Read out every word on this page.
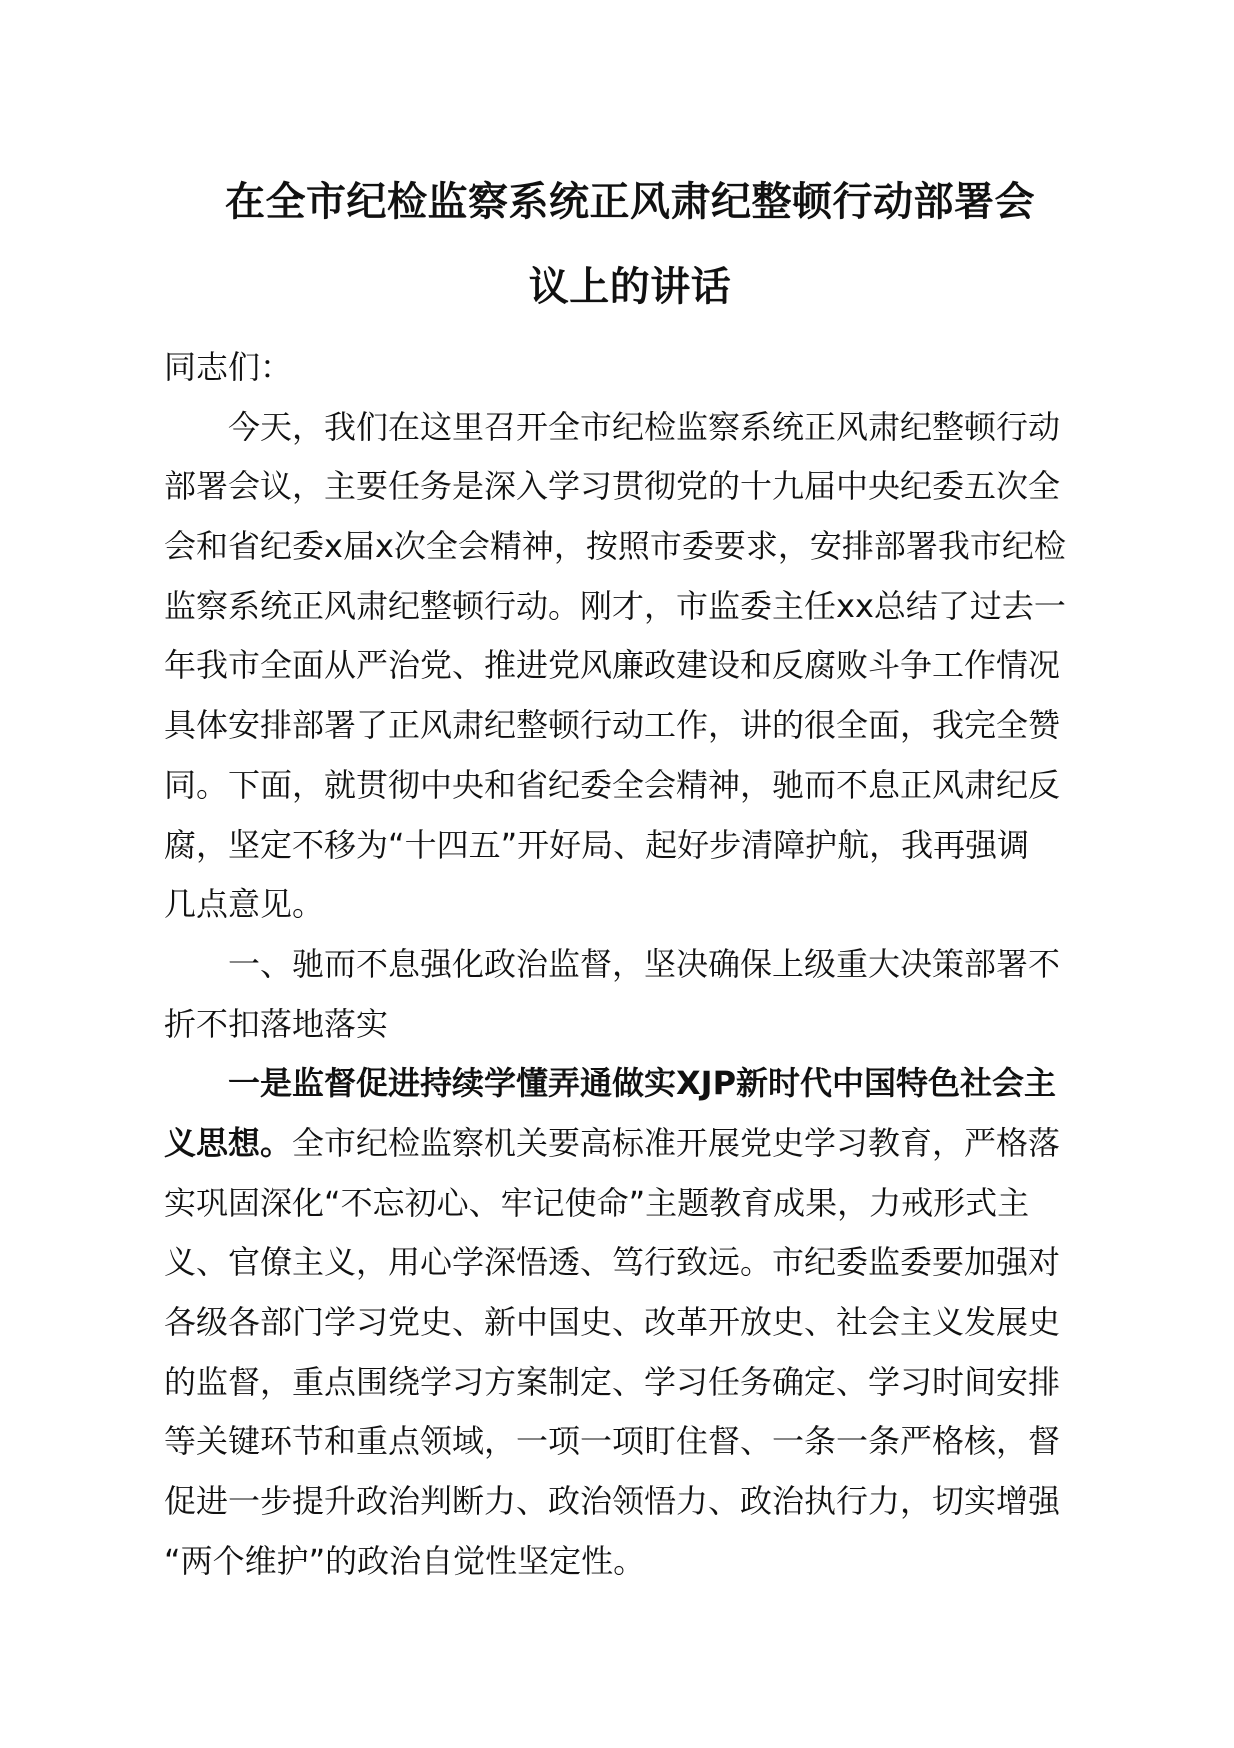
在全市纪检监察系统正风肃纪整顿行动部署会
议上的讲话
同志们：
今天，我们在这里召开全市纪检监察系统正风肃纪整顿行动
部署会议，主要任务是深入学习贯彻党的十九届中央纪委五次全
会和省纪委x届x次全会精神，按照市委要求，安排部署我市纪检
监察系统正风肃纪整顿行动。刚才，市监委主任xx总结了过去一
年我市全面从严治党、推进党风廉政建设和反腐败斗争工作情况
具体安排部署了正风肃纪整顿行动工作，讲的很全面，我完全赞
同。下面，就贯彻中央和省纪委全会精神，驰而不息正风肃纪反
腐，坚定不移为“十四五”开好局、起好步清障护航，我再强调
几点意见。
一、驰而不息强化政治监督，坚决确保上级重大决策部署不
折不扣落地落实
一是监督促进持续学懂弄通做实XJP新时代中国特色社会主
义思想。全市纪检监察机关要高标准开展党史学习教育，严格落
实巩固深化“不忘初心、牢记使命”主题教育成果，力戒形式主
义、官僚主义，用心学深悟透、笃行致远。市纪委监委要加强对
各级各部门学习党史、新中国史、改革开放史、社会主义发展史
的监督，重点围绕学习方案制定、学习任务确定、学习时间安排
等关键环节和重点领域，一项一项盯住督、一条一条严格核，督
促进一步提升政治判断力、政治领悟力、政治执行力，切实增强
“两个维护”的政治自觉性坚定性。
